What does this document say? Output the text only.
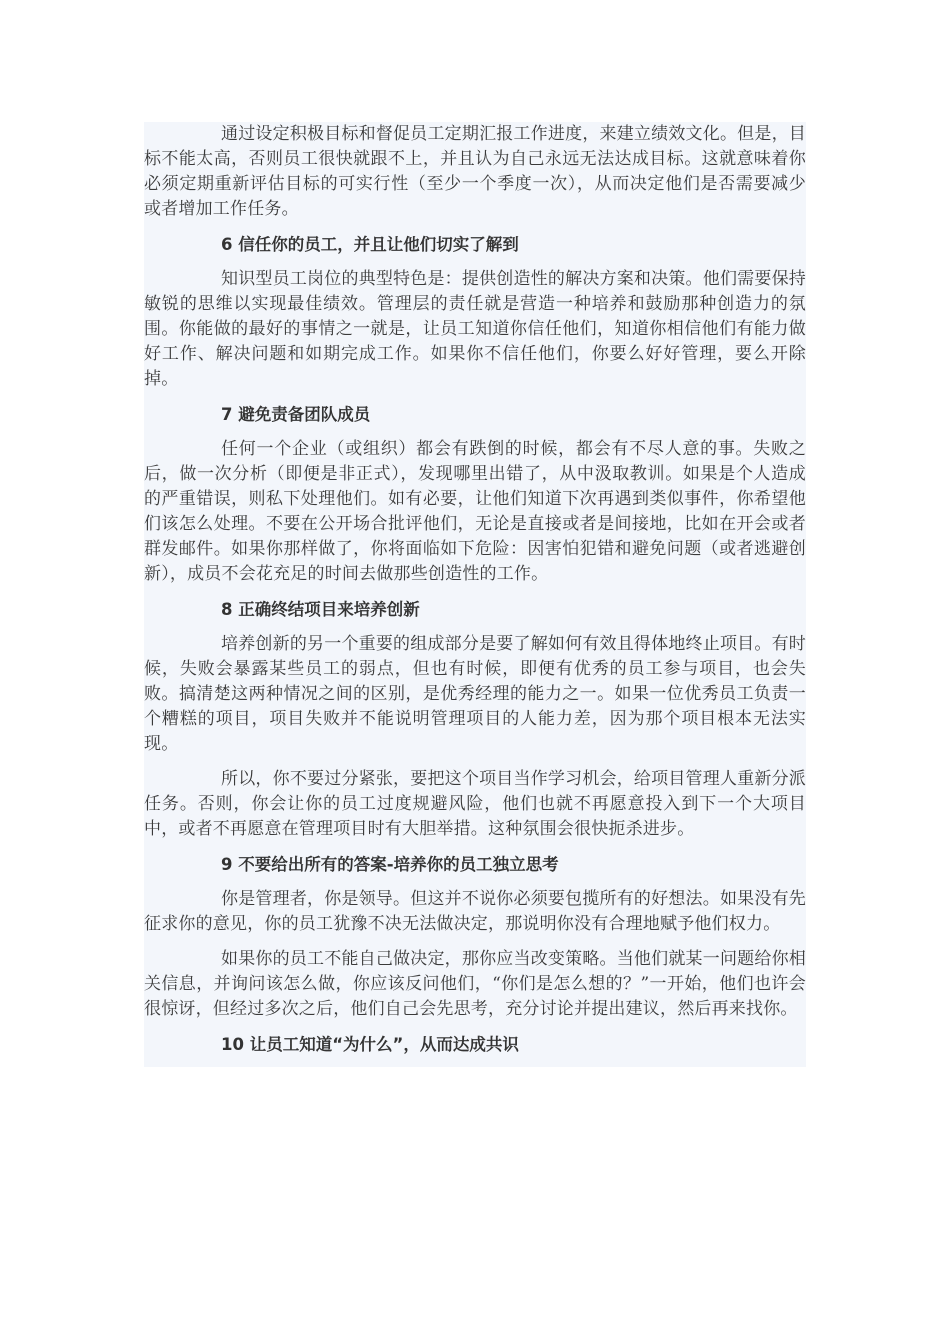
通过设定积极目标和督促员工定期汇报工作进度，来建立绩效文化。但是，目标不能太高，否则员工很快就跟不上，并且认为自己永远无法达成目标。这就意味着你必须定期重新评估目标的可实行性（至少一个季度一次），从而决定他们是否需要减少或者增加工作任务。

6 信任你的员工，并且让他们切实了解到

知识型员工岗位的典型特色是：提供创造性的解决方案和决策。他们需要保持敏锐的思维以实现最佳绩效。管理层的责任就是营造一种培养和鼓励那种创造力的氛围。你能做的最好的事情之一就是，让员工知道你信任他们，知道你相信他们有能力做好工作、解决问题和如期完成工作。如果你不信任他们，你要么好好管理，要么开除掉。

7 避免责备团队成员

任何一个企业（或组织）都会有跌倒的时候，都会有不尽人意的事。失败之后，做一次分析（即便是非正式），发现哪里出错了，从中汲取教训。如果是个人造成的严重错误，则私下处理他们。如有必要，让他们知道下次再遇到类似事件，你希望他们该怎么处理。不要在公开场合批评他们，无论是直接或者是间接地，比如在开会或者群发邮件。如果你那样做了，你将面临如下危险：因害怕犯错和避免问题（或者逃避创新），成员不会花充足的时间去做那些创造性的工作。

8 正确终结项目来培养创新

培养创新的另一个重要的组成部分是要了解如何有效且得体地终止项目。有时候，失败会暴露某些员工的弱点，但也有时候，即便有优秀的员工参与项目，也会失败。搞清楚这两种情况之间的区别，是优秀经理的能力之一。如果一位优秀员工负责一个糟糕的项目，项目失败并不能说明管理项目的人能力差，因为那个项目根本无法实现。

所以，你不要过分紧张，要把这个项目当作学习机会，给项目管理人重新分派任务。否则，你会让你的员工过度规避风险，他们也就不再愿意投入到下一个大项目中，或者不再愿意在管理项目时有大胆举措。这种氛围会很快扼杀进步。

9 不要给出所有的答案-培养你的员工独立思考

你是管理者，你是领导。但这并不说你必须要包揽所有的好想法。如果没有先征求你的意见，你的员工犹豫不决无法做决定，那说明你没有合理地赋予他们权力。

如果你的员工不能自己做决定，那你应当改变策略。当他们就某一问题给你相关信息，并询问该怎么做，你应该反问他们，“你们是怎么想的？”一开始，他们也许会很惊讶，但经过多次之后，他们自己会先思考，充分讨论并提出建议，然后再来找你。

10 让员工知道“为什么”，从而达成共识
